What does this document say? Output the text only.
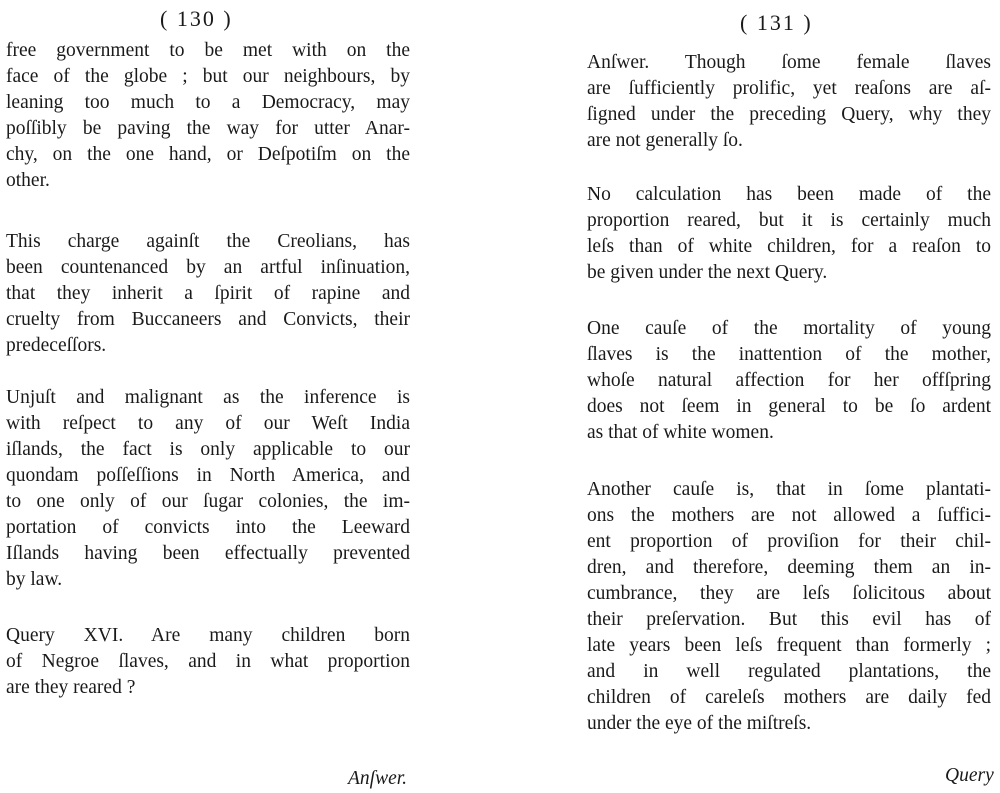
( 130 )
free government to be met with on the
face of the globe ; but our neighbours, by
leaning too much to a Democracy, may
poſſibly be paving the way for utter Anar-
chy, on the one hand, or Deſpotiſm on the
other.
This charge againſt the Creolians, has
been countenanced by an artful inſinuation,
that they inherit a ſpirit of rapine and
cruelty from Buccaneers and Convicts, their
predeceſſors.
Unjuſt and malignant as the inference is
with reſpect to any of our Weſt India
iſlands, the fact is only applicable to our
quondam poſſeſſions in North America, and
to one only of our ſugar colonies, the im-
portation of convicts into the Leeward
Iſlands having been effectually prevented
by law.
Query XVI. Are many children born
of Negroe ſlaves, and in what proportion
are they reared ?
Anſwer.
( 131 )
Anſwer. Though ſome female ſlaves
are ſufficiently prolific, yet reaſons are aſ-
ſigned under the preceding Query, why they
are not generally ſo.
No calculation has been made of the
proportion reared, but it is certainly much
leſs than of white children, for a reaſon to
be given under the next Query.
One cauſe of the mortality of young
ſlaves is the inattention of the mother,
whoſe natural affection for her offſpring
does not ſeem in general to be ſo ardent
as that of white women.
Another cauſe is, that in ſome plantati-
ons the mothers are not allowed a ſuffici-
ent proportion of proviſion for their chil-
dren, and therefore, deeming them an in-
cumbrance, they are leſs ſolicitous about
their preſervation. But this evil has of
late years been leſs frequent than formerly ;
and in well regulated plantations, the
children of careleſs mothers are daily fed
under the eye of the miſtreſs.
Query
